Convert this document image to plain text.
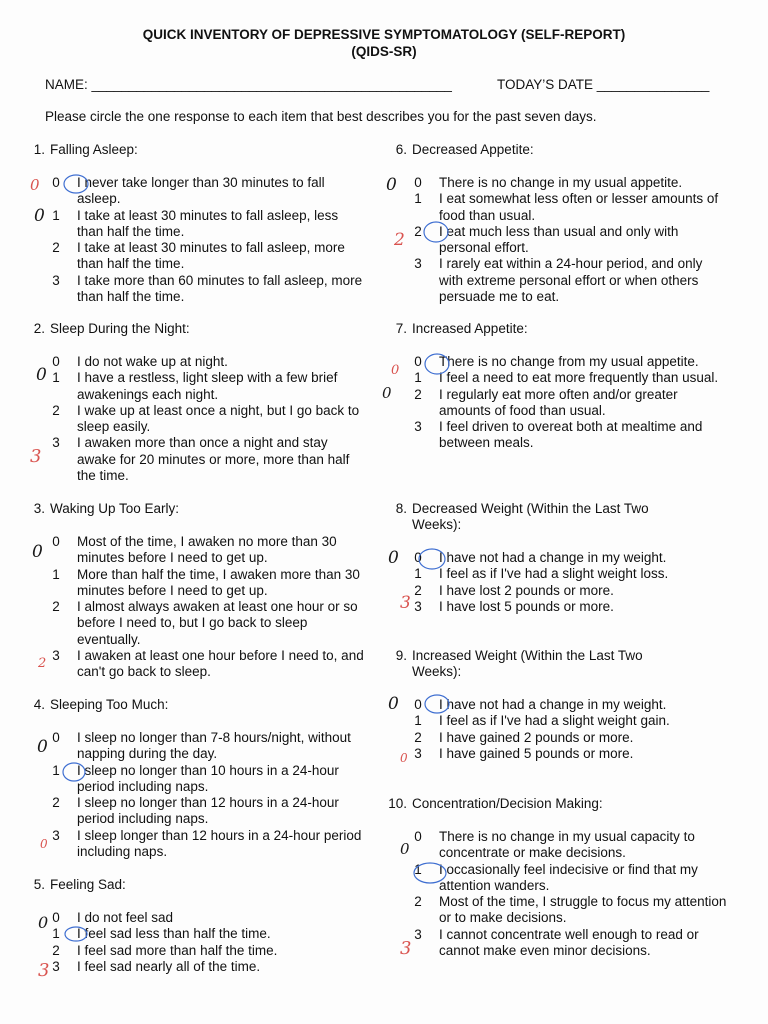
QUICK INVENTORY OF DEPRESSIVE SYMPTOMATOLOGY (SELF-REPORT)
(QIDS-SR)
NAME: ________________________________________________	TODAY’S DATE _______________
Please circle the one response to each item that best describes you for the past seven days.
1. Falling Asleep:
0 I never take longer than 30 minutes to fall asleep.
1 I take at least 30 minutes to fall asleep, less than half the time.
2 I take at least 30 minutes to fall asleep, more than half the time.
3 I take more than 60 minutes to fall asleep, more than half the time.
2. Sleep During the Night:
0 I do not wake up at night.
1 I have a restless, light sleep with a few brief awakenings each night.
2 I wake up at least once a night, but I go back to sleep easily.
3 I awaken more than once a night and stay awake for 20 minutes or more, more than half the time.
3. Waking Up Too Early:
0 Most of the time, I awaken no more than 30 minutes before I need to get up.
1 More than half the time, I awaken more than 30 minutes before I need to get up.
2 I almost always awaken at least one hour or so before I need to, but I go back to sleep eventually.
3 I awaken at least one hour before I need to, and can't go back to sleep.
4. Sleeping Too Much:
0 I sleep no longer than 7-8 hours/night, without napping during the day.
1 I sleep no longer than 10 hours in a 24-hour period including naps.
2 I sleep no longer than 12 hours in a 24-hour period including naps.
3 I sleep longer than 12 hours in a 24-hour period including naps.
5. Feeling Sad:
0 I do not feel sad
1 I feel sad less than half the time.
2 I feel sad more than half the time.
3 I feel sad nearly all of the time.
6. Decreased Appetite:
0 There is no change in my usual appetite.
1 I eat somewhat less often or lesser amounts of food than usual.
2 I eat much less than usual and only with personal effort.
3 I rarely eat within a 24-hour period, and only with extreme personal effort or when others persuade me to eat.
7. Increased Appetite:
0 There is no change from my usual appetite.
1 I feel a need to eat more frequently than usual.
2 I regularly eat more often and/or greater amounts of food than usual.
3 I feel driven to overeat both at mealtime and between meals.
8. Decreased Weight (Within the Last Two Weeks):
0 I have not had a change in my weight.
1 I feel as if I've had a slight weight loss.
2 I have lost 2 pounds or more.
3 I have lost 5 pounds or more.
9. Increased Weight (Within the Last Two Weeks):
0 I have not had a change in my weight.
1 I feel as if I've had a slight weight gain.
2 I have gained 2 pounds or more.
3 I have gained 5 pounds or more.
10. Concentration/Decision Making:
0 There is no change in my usual capacity to concentrate or make decisions.
1 I occasionally feel indecisive or find that my attention wanders.
2 Most of the time, I struggle to focus my attention or to make decisions.
3 I cannot concentrate well enough to read or cannot make even minor decisions.
0
0
0
3
0
2
0
0
0
3
0
2
0
0
0
3
0
0
0
3
